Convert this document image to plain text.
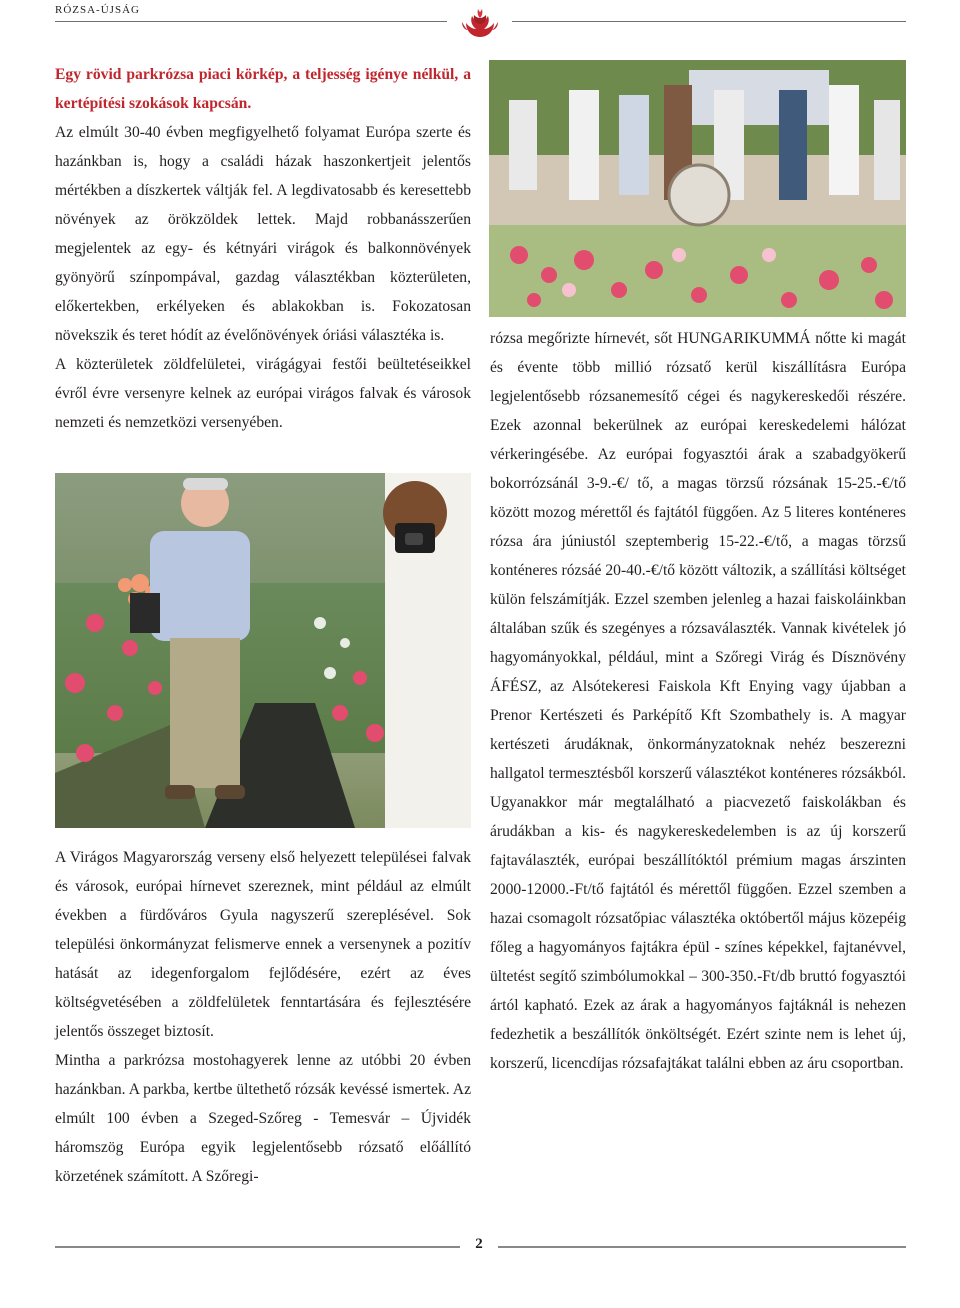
RÓZSA-ÚJSÁG

Egy rövid parkrózsa piaci körkép, a teljesség igénye nélkül, a kertépítési szokások kapcsán.

Az elmúlt 30-40 évben megfigyelhető folyamat Európa szerte és hazánkban is, hogy a családi házak haszonkertjeit jelentős mértékben a díszkertek váltják fel. A legdivatosabb és keresettebb növények az örökzöldek lettek. Majd robbanásszerűen megjelentek az egy- és kétnyári virágok és balkonnövények gyönyörű színpompával, gazdag választékban közterületen, előkertekben, erkélyeken és ablakokban is. Fokozatosan növekszik és teret hódít az évelőnövények óriási választéka is.

A közterületek zöldfelületei, virágágyai festői beültetéseikkel évről évre versenyre kelnek az európai virágos falvak és városok nemzeti és nemzetközi versenyében.

A Virágos Magyarország verseny első helyezett települései falvak és városok, európai hírnevet szereznek, mint például az elmúlt években a fürdőváros Gyula nagyszerű szereplésével. Sok települési önkormányzat felismerve ennek a versenynek a pozitív hatását az idegenforgalom fejlődésére, ezért az éves költségvetésében a zöldfelületek fenntartására és fejlesztésére jelentős összeget biztosít.

Mintha a parkrózsa mostohagyerek lenne az utóbbi 20 évben hazánkban. A parkba, kertbe ültethető rózsák kevéssé ismertek. Az elmúlt 100 évben a Szeged-Szőreg - Temesvár – Újvidék háromszög Európa egyik legjelentősebb rózsatő előállító körzetének számított. A Szőregi-

rózsa megőrizte hírnevét, sőt HUNGARIKUMMÁ nőtte ki magát és évente több millió rózsatő kerül kiszállításra Európa legjelentősebb rózsanemesítő cégei és nagykereskedői részére. Ezek azonnal bekerülnek az európai kereskedelemi hálózat vérkeringésébe. Az európai fogyasztói árak a szabadgyökerű bokorrózsánál 3-9.-€/ tő, a magas törzsű rózsának 15-25.-€/tő között mozog mérettől és fajtától függően. Az 5 literes konténeres rózsa ára júniustól szeptemberig 15-22.-€/tő, a magas törzsű konténeres rózsáé 20-40.-€/tő között változik, a szállítási költséget külön felszámítják. Ezzel szemben jelenleg a hazai faiskoláinkban általában szűk és szegényes a rózsaválaszték. Vannak kivételek jó hagyományokkal, például, mint a Szőregi Virág és Dísznövény ÁFÉSZ, az Alsótekeresi Faiskola Kft Enying vagy újabban a Prenor Kertészeti és Parképítő Kft Szombathely is. A magyar kertészeti árudáknak, önkormányzatoknak nehéz beszerezni hallgatol termesztésből korszerű választékot konténeres rózsákból. Ugyanakkor már megtalálható a piacvezető faiskolákban és árudákban a kis- és nagykereskedelemben is az új korszerű fajtaválaszték, európai beszállítóktól prémium magas árszinten 2000-12000.-Ft/tő fajtától és mérettől függően. Ezzel szemben a hazai csomagolt rózsatőpiac választéka októbertől május közepéig főleg a hagyományos fajtákra épül - színes képekkel, fajtanévvel, ültetést segítő szimbólumokkal – 300-350.-Ft/db bruttó fogyasztói ártól kapható. Ezek az árak a hagyományos fajtáknál is nehezen fedezhetik a beszállítók önköltségét. Ezért szinte nem is lehet új, korszerű, licencdíjas rózsafajtákat találni ebben az áru csoportban.

2
